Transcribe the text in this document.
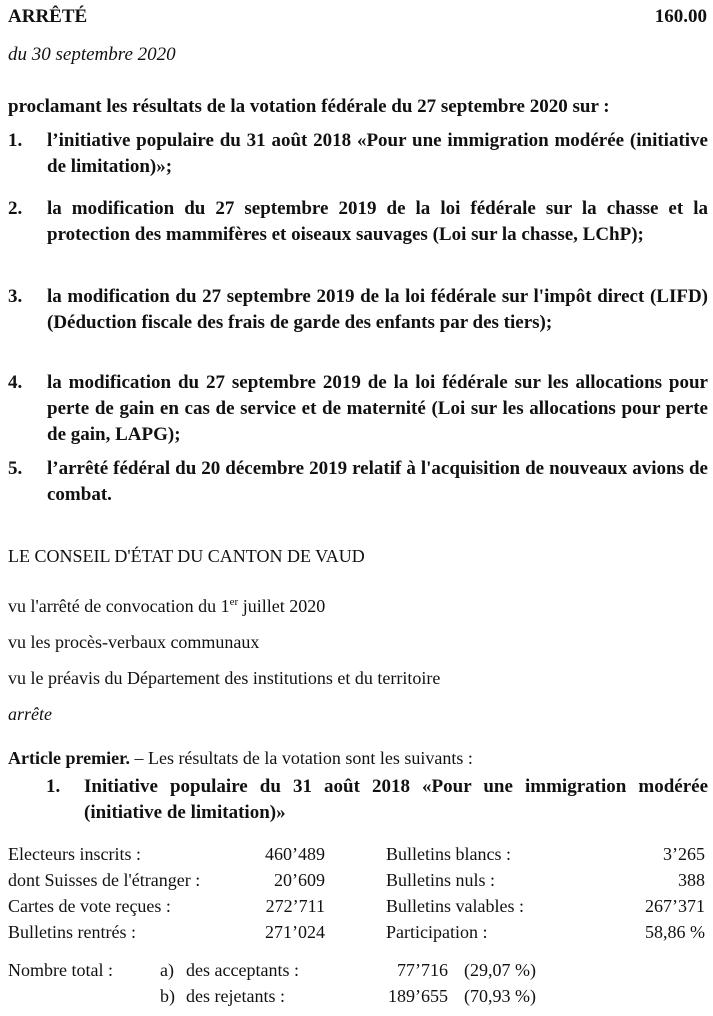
ARRÊTÉ	160.00
du 30 septembre 2020
proclamant les résultats de la votation fédérale du 27 septembre 2020 sur :
1. l’initiative populaire du 31 août 2018 «Pour une immigration modérée (initiative de limitation)»;
2. la modification du 27 septembre 2019 de la loi fédérale sur la chasse et la protection des mammifères et oiseaux sauvages (Loi sur la chasse, LChP);
3. la modification du 27 septembre 2019 de la loi fédérale sur l'impôt direct (LIFD) (Déduction fiscale des frais de garde des enfants par des tiers);
4. la modification du 27 septembre 2019 de la loi fédérale sur les allocations pour perte de gain en cas de service et de maternité (Loi sur les allocations pour perte de gain, LAPG);
5. l’arrêté fédéral du 20 décembre 2019 relatif à l'acquisition de nouveaux avions de combat.
LE CONSEIL D'ÉTAT DU CANTON DE VAUD
vu l'arrêté de convocation du 1er juillet 2020
vu les procès-verbaux communaux
vu le préavis du Département des institutions et du territoire
arrête
Article premier. – Les résultats de la votation sont les suivants :
1. Initiative populaire du 31 août 2018 «Pour une immigration modérée (initiative de limitation)»
Electeurs inscrits :	460’489	Bulletins blancs :	3’265
dont Suisses de l'étranger :	20’609	Bulletins nuls :	388
Cartes de vote reçues :	272’711	Bulletins valables :	267’371
Bulletins rentrés :	271’024	Participation :	58,86 %
Nombre total :	a) des acceptants :	77’716 (29,07 %)
b) des rejetants :	189’655 (70,93 %)
